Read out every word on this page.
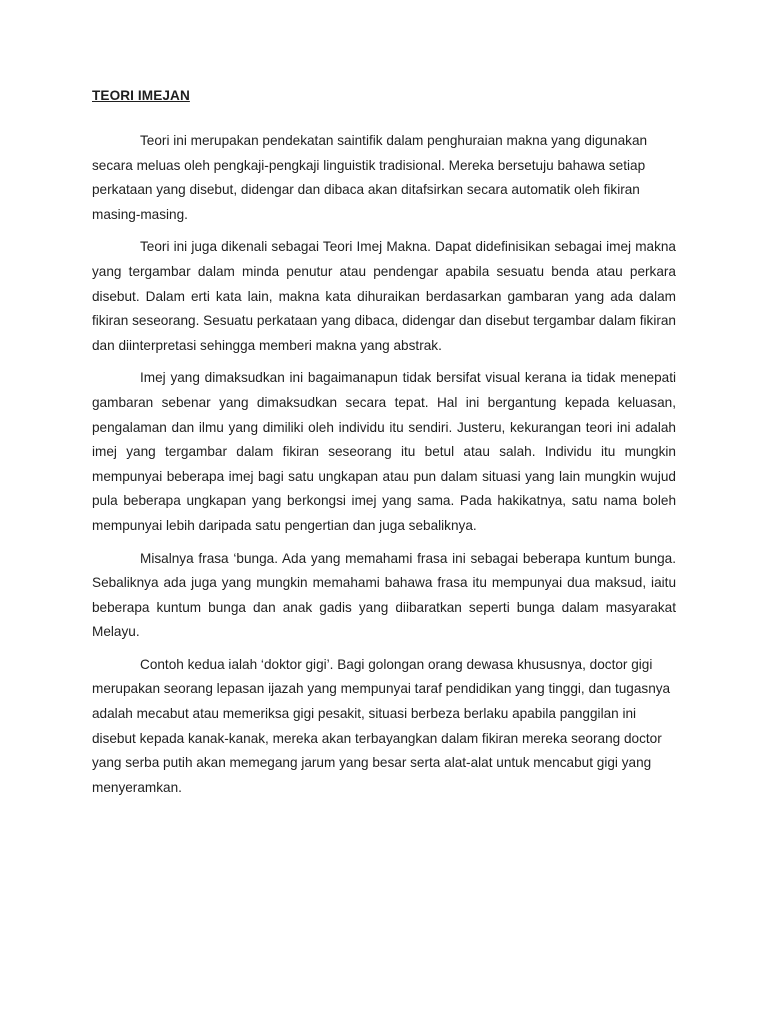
TEORI IMEJAN

Teori ini merupakan pendekatan saintifik dalam penghuraian makna yang digunakan secara meluas oleh pengkaji-pengkaji linguistik tradisional. Mereka bersetuju bahawa setiap perkataan yang disebut, didengar dan dibaca akan ditafsirkan secara automatik oleh fikiran masing-masing.

Teori ini juga dikenali sebagai Teori Imej Makna. Dapat didefinisikan sebagai imej makna yang tergambar dalam minda penutur atau pendengar apabila sesuatu benda atau perkara disebut. Dalam erti kata lain, makna kata dihuraikan berdasarkan gambaran yang ada dalam fikiran seseorang. Sesuatu perkataan yang dibaca, didengar dan disebut tergambar dalam fikiran dan diinterpretasi sehingga memberi makna yang abstrak.

Imej yang dimaksudkan ini bagaimanapun tidak bersifat visual kerana ia tidak menepati gambaran sebenar yang dimaksudkan secara tepat. Hal ini bergantung kepada keluasan, pengalaman dan ilmu yang dimiliki oleh individu itu sendiri. Justeru, kekurangan teori ini adalah imej yang tergambar dalam fikiran seseorang itu betul atau salah. Individu itu mungkin mempunyai beberapa imej bagi satu ungkapan atau pun dalam situasi yang lain mungkin wujud pula beberapa ungkapan yang berkongsi imej yang sama. Pada hakikatnya, satu nama boleh mempunyai lebih daripada satu pengertian dan juga sebaliknya.

Misalnya frasa ‘bunga. Ada yang memahami frasa ini sebagai beberapa kuntum bunga. Sebaliknya ada juga yang mungkin memahami bahawa frasa itu mempunyai dua maksud, iaitu beberapa kuntum bunga dan anak gadis yang diibaratkan seperti bunga dalam masyarakat Melayu.

Contoh kedua ialah ‘doktor gigi’. Bagi golongan orang dewasa khususnya, doctor gigi merupakan seorang lepasan ijazah yang mempunyai taraf pendidikan yang tinggi, dan tugasnya adalah mecabut atau memeriksa gigi pesakit, situasi berbeza berlaku apabila panggilan ini disebut kepada kanak-kanak, mereka akan terbayangkan dalam fikiran mereka seorang doctor yang serba putih akan memegang jarum yang besar serta alat-alat untuk mencabut gigi yang menyeramkan.
